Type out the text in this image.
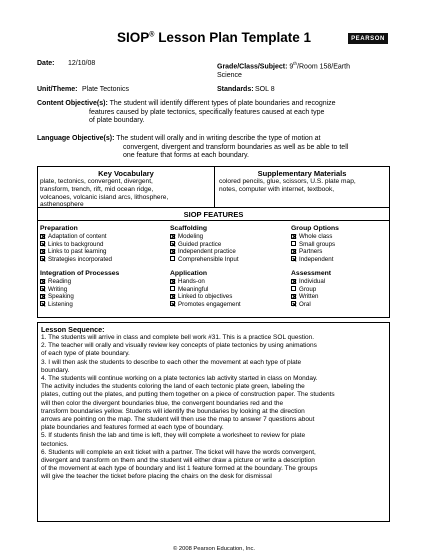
SIOP® Lesson Plan Template 1	PEARSON
Date: 12/10/08	Grade/Class/Subject: 9th/Room 158/Earth
Science
Unit/Theme: Plate Tectonics	Standards: SOL 8
Content Objective(s): The student will identify different types of plate boundaries and recognize

features caused by plate tectonics, specifically features caused at each type
of plate boundary.
Language Objective(s): The student will orally and in writing describe the type of motion at

convergent, divergent and transform boundaries as well as be able to tell
one feature that forms at each boundary.
Key Vocabulary
plate, tectonics, convergent, divergent,
transform, trench, rift, mid ocean ridge,
volcanoes, volcanic island arcs, lithosphere,
asthenosphere
Supplementary Materials
colored pencils, glue, scissors, U.S. plate map,
notes, computer with internet, textbook,
SIOP FEATURES
Preparation
Adaptation of content
Links to background
Links to past learning
Strategies incorporated
Scaffolding
Modeling
Guided practice
Independent practice
Comprehensible Input
Group Options
Whole class
Small groups
Partners
Independent
Integration of Processes
Reading
Writing
Speaking
Listening
Application
Hands-on
Meaningful
Linked to objectives
Promotes engagement
Assessment
Individual
Group
Written
Oral
Lesson Sequence:

1. The students will arrive in class and complete bell work #31. This is a practice SOL question.

2. The teacher will orally and visually review key concepts of plate tectonics by using animations

of each type of plate boundary.

3. I will then ask the students to describe to each other the movement at each type of plate

boundary.

4. The students will continue working on a plate tectonics lab activity started in class on Monday.

The activity includes the students coloring the land of each tectonic plate green, labeling the

plates, cutting out the plates, and putting them together on a piece of construction paper. The students

will then color the divergent boundaries blue, the convergent boundaries red and the

transform boundaries yellow. Students will identify the boundaries by looking at the direction

arrows are pointing on the map. The student will then use the map to answer 7 questions about

plate boundaries and features formed at each type of boundary.

5. If students finish the lab and time is left, they will complete a worksheet to review for plate

tectonics.

6. Students will complete an exit ticket with a partner. The ticket will have the words convergent,

divergent and transform on them and the student will either draw a picture or write a description

of the movement at each type of boundary and list 1 feature formed at the boundary. The groups

will give the teacher the ticket before placing the chairs on the desk for dismissal

© 2008 Pearson Education, Inc.
